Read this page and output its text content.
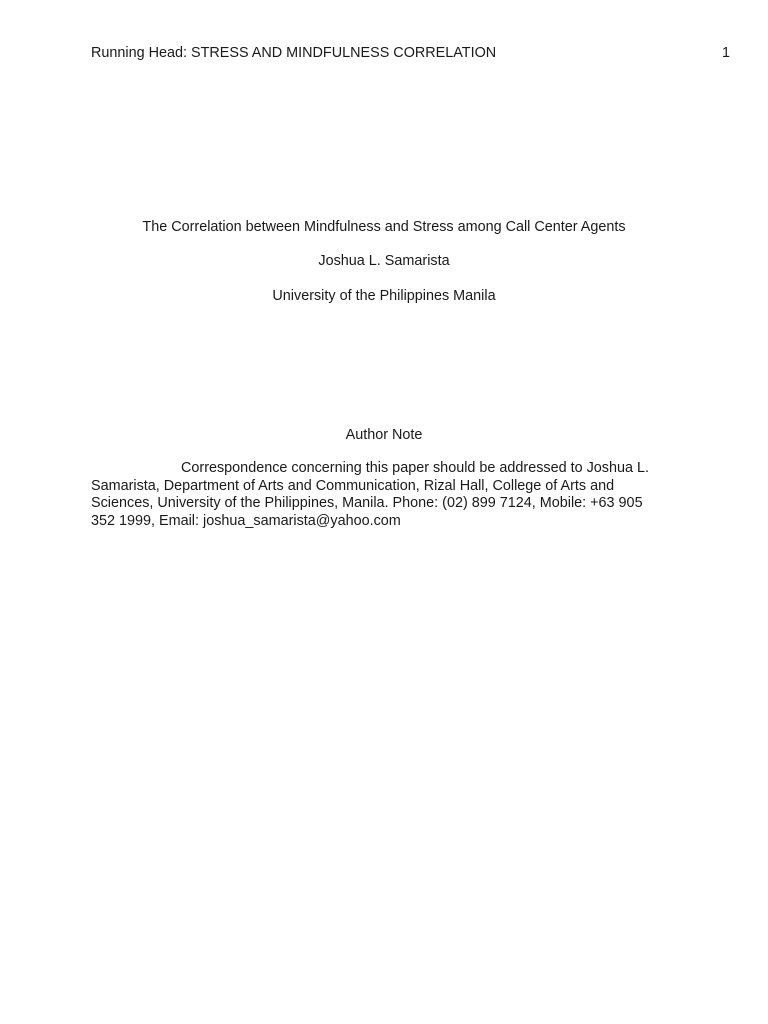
Running Head: STRESS AND MINDFULNESS CORRELATION	1
The Correlation between Mindfulness and Stress among Call Center Agents
Joshua L. Samarista
University of the Philippines Manila
Author Note
Correspondence concerning this paper should be addressed to Joshua L.
Samarista, Department of Arts and Communication, Rizal Hall, College of Arts and
Sciences, University of the Philippines, Manila. Phone: (02) 899 7124, Mobile: +63 905
352 1999, Email: joshua_samarista@yahoo.com
